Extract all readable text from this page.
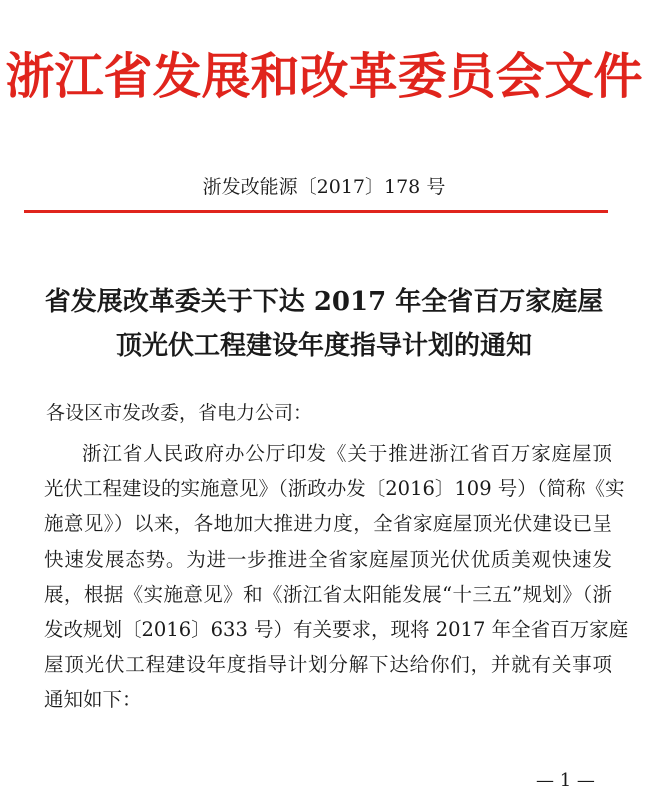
浙江省发展和改革委员会文件
浙发改能源〔2017〕178 号
省发展改革委关于下达 2017 年全省百万家庭屋
顶光伏工程建设年度指导计划的通知
各设区市发改委，省电力公司：
浙江省人民政府办公厅印发《关于推进浙江省百万家庭屋顶
光伏工程建设的实施意见》（浙政办发〔2016〕109 号）（简称《实
施意见》）以来，各地加大推进力度，全省家庭屋顶光伏建设已呈
快速发展态势。为进一步推进全省家庭屋顶光伏优质美观快速发
展，根据《实施意见》和《浙江省太阳能发展“十三五”规划》（浙
发改规划〔2016〕633 号）有关要求，现将 2017 年全省百万家庭
屋顶光伏工程建设年度指导计划分解下达给你们，并就有关事项
通知如下：
— 1 —
